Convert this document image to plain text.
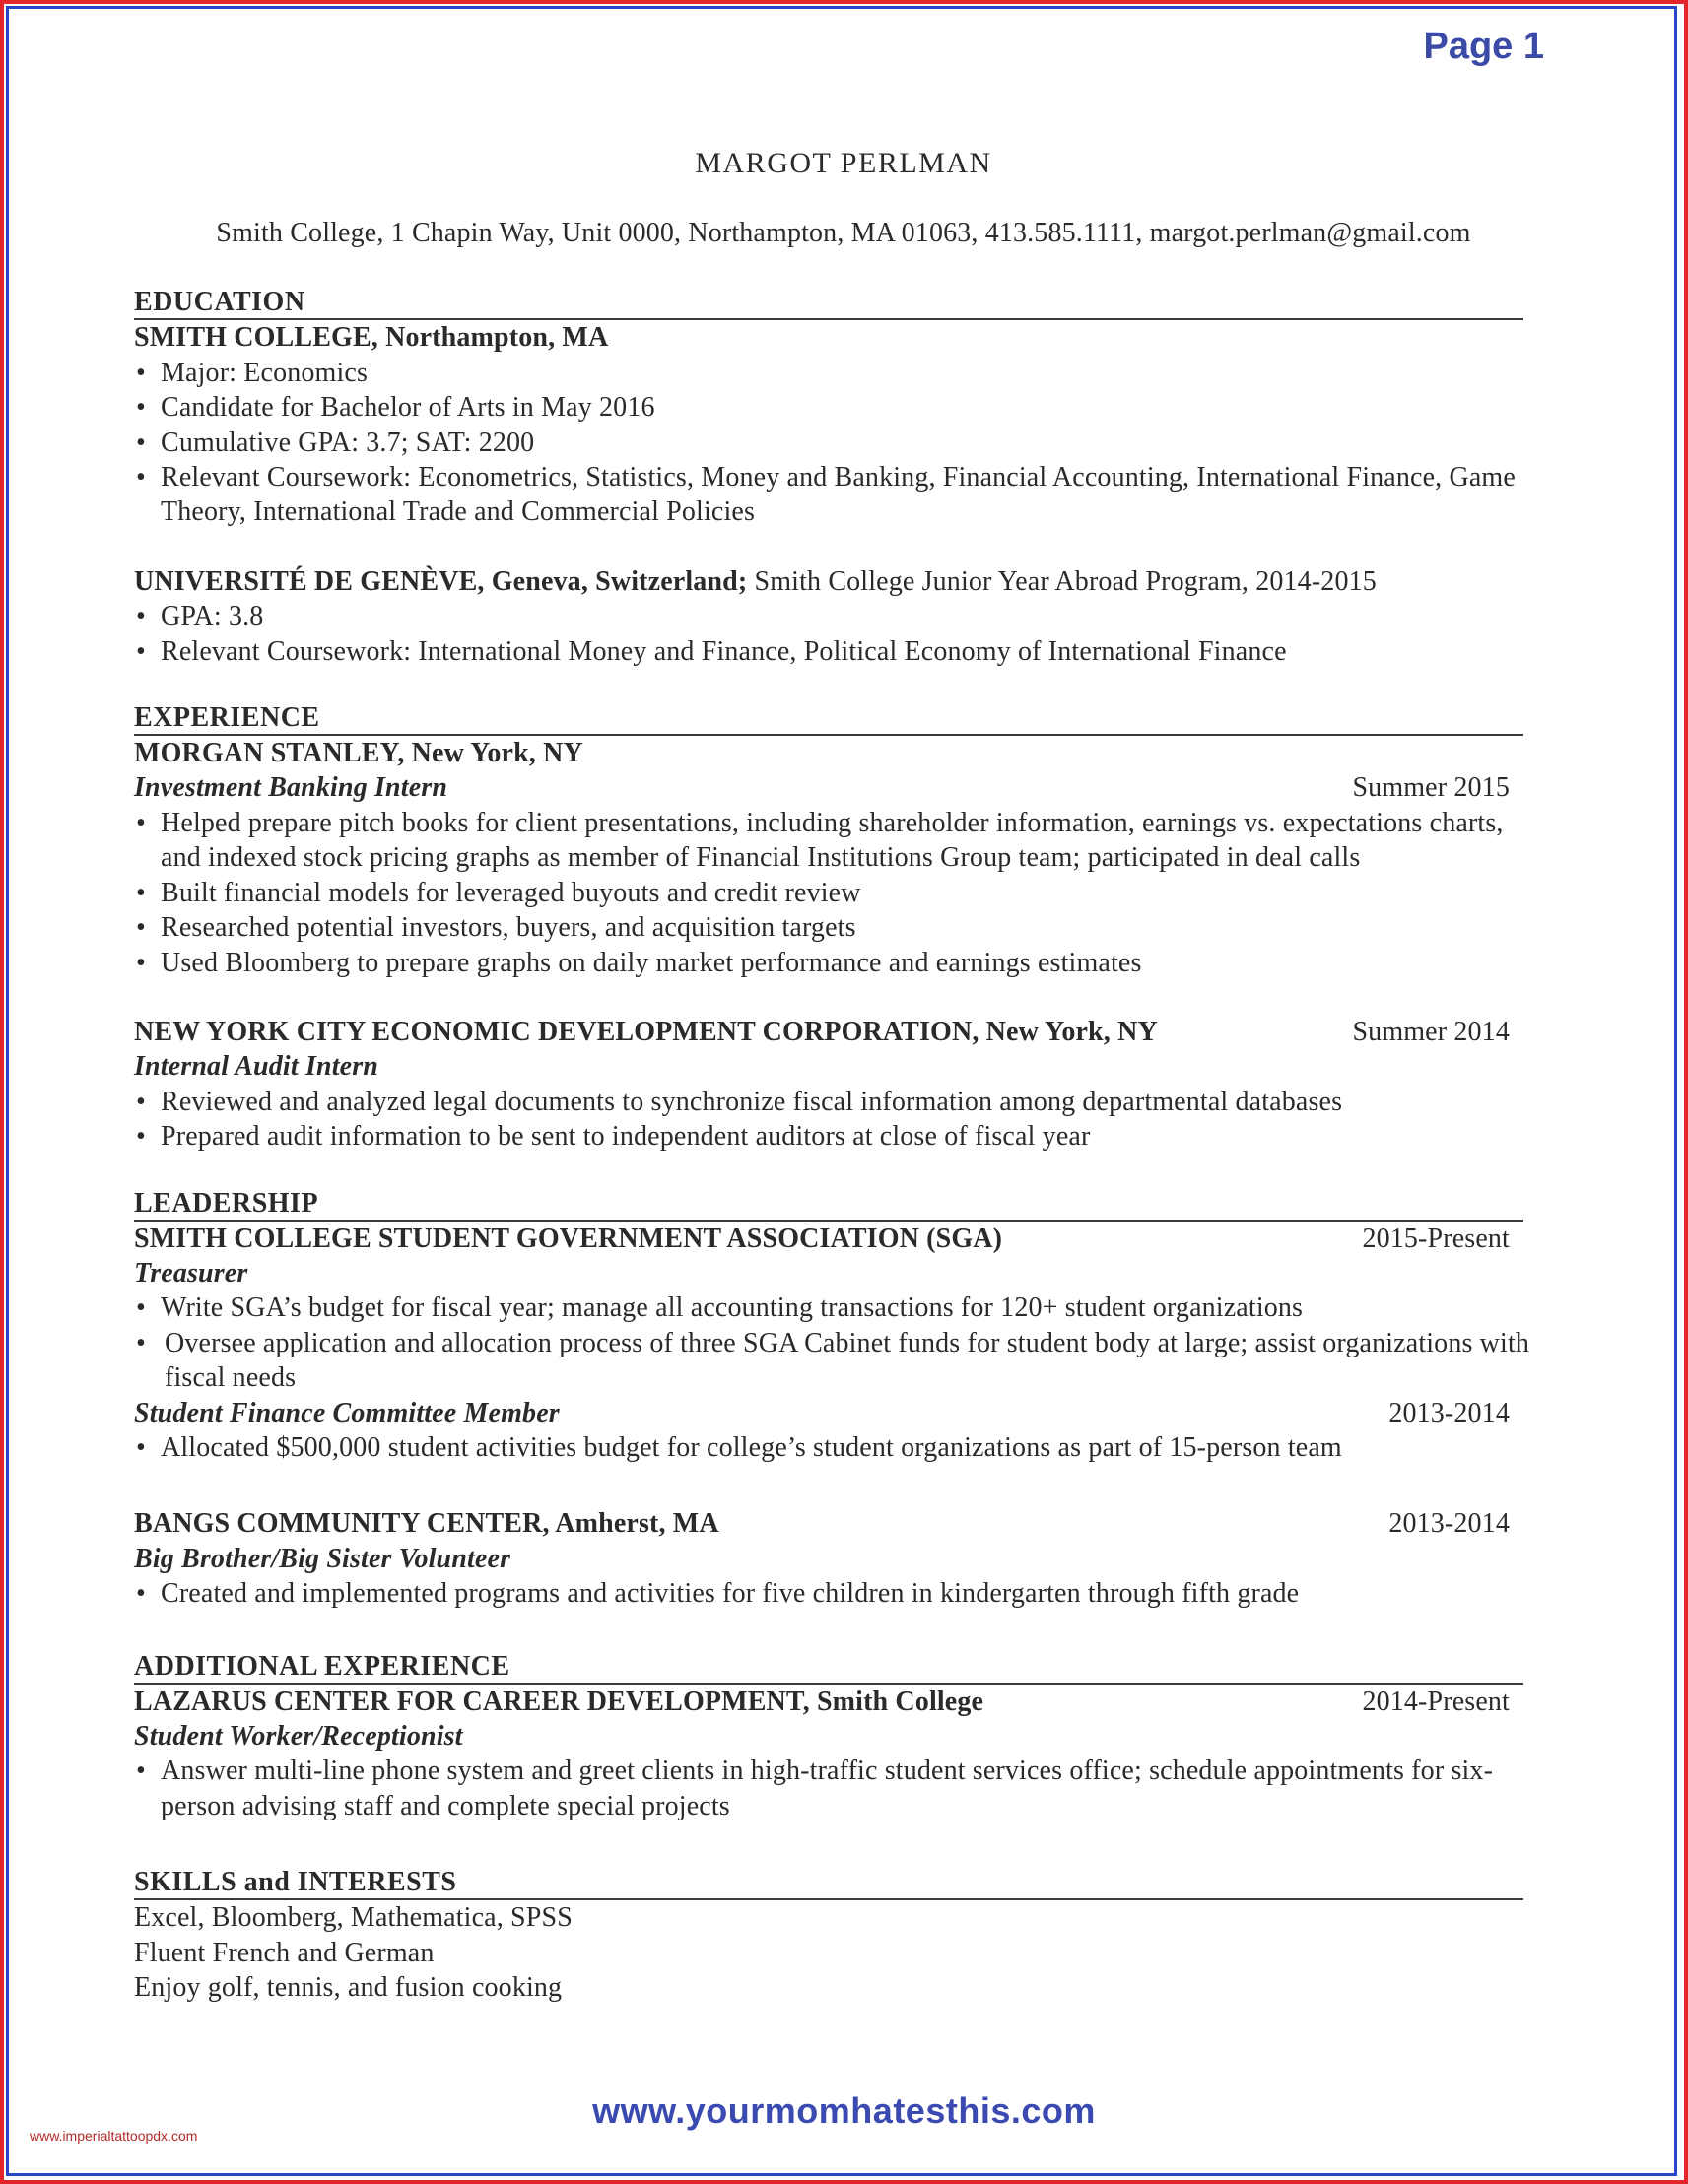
Page 1
MARGOT PERLMAN
Smith College, 1 Chapin Way, Unit 0000, Northampton, MA 01063, 413.585.1111, margot.perlman@gmail.com
EDUCATION
SMITH COLLEGE, Northampton, MA
• Major: Economics
• Candidate for Bachelor of Arts in May 2016
• Cumulative GPA: 3.7; SAT: 2200
• Relevant Coursework: Econometrics, Statistics, Money and Banking, Financial Accounting, International Finance, Game Theory, International Trade and Commercial Policies
UNIVERSITÉ DE GENÈVE, Geneva, Switzerland; Smith College Junior Year Abroad Program, 2014-2015
• GPA: 3.8
• Relevant Coursework: International Money and Finance, Political Economy of International Finance
EXPERIENCE
MORGAN STANLEY, New York, NY
Investment Banking Intern	Summer 2015
• Helped prepare pitch books for client presentations, including shareholder information, earnings vs. expectations charts, and indexed stock pricing graphs as member of Financial Institutions Group team; participated in deal calls
• Built financial models for leveraged buyouts and credit review
• Researched potential investors, buyers, and acquisition targets
• Used Bloomberg to prepare graphs on daily market performance and earnings estimates
NEW YORK CITY ECONOMIC DEVELOPMENT CORPORATION, New York, NY	Summer 2014
Internal Audit Intern
• Reviewed and analyzed legal documents to synchronize fiscal information among departmental databases
• Prepared audit information to be sent to independent auditors at close of fiscal year
LEADERSHIP
SMITH COLLEGE STUDENT GOVERNMENT ASSOCIATION (SGA)	2015-Present
Treasurer
• Write SGA’s budget for fiscal year; manage all accounting transactions for 120+ student organizations
• Oversee application and allocation process of three SGA Cabinet funds for student body at large; assist organizations with fiscal needs
Student Finance Committee Member	2013-2014
• Allocated $500,000 student activities budget for college’s student organizations as part of 15-person team
BANGS COMMUNITY CENTER, Amherst, MA	2013-2014
Big Brother/Big Sister Volunteer
• Created and implemented programs and activities for five children in kindergarten through fifth grade
ADDITIONAL EXPERIENCE
LAZARUS CENTER FOR CAREER DEVELOPMENT, Smith College	2014-Present
Student Worker/Receptionist
• Answer multi-line phone system and greet clients in high-traffic student services office; schedule appointments for six-person advising staff and complete special projects
SKILLS and INTERESTS
Excel, Bloomberg, Mathematica, SPSS
Fluent French and German
Enjoy golf, tennis, and fusion cooking
www.yourmomhatesthis.com
www.imperialtattoopdx.com
